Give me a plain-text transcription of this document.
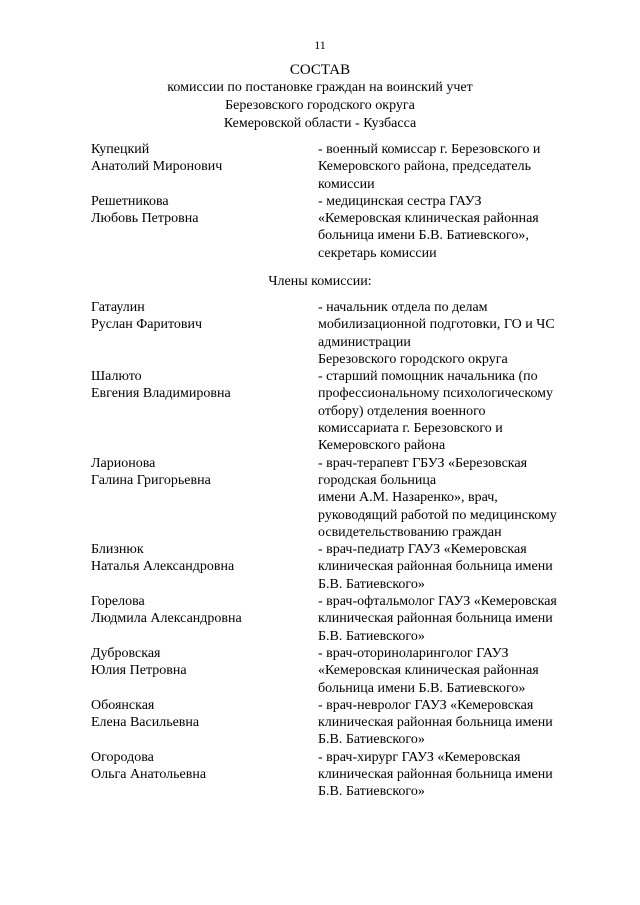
11
СОСТАВ
комиссии по постановке граждан на воинский учет
Березовского городского округа
Кемеровской области - Кузбасса
Купецкий
Анатолий Миронович
- военный комиссар г. Березовского и
Кемеровского района, председатель
комиссии
Решетникова
Любовь Петровна
- медицинская сестра ГАУЗ
«Кемеровская клиническая районная
больница имени Б.В. Батиевского»,
секретарь комиссии
Члены комиссии:
Гатаулин
Руслан Фаритович
- начальник отдела по делам
мобилизационной подготовки, ГО и ЧС
администрации
Березовского городского округа
Шалюто
Евгения Владимировна
- старший помощник начальника (по
профессиональному психологическому
отбору) отделения военного
комиссариата г. Березовского и
Кемеровского района
Ларионова
Галина Григорьевна
- врач-терапевт ГБУЗ «Березовская
городская больница
имени А.М. Назаренко», врач,
руководящий работой по медицинскому
освидетельствованию граждан
Близнюк
Наталья Александровна
- врач-педиатр ГАУЗ «Кемеровская
клиническая районная больница имени
Б.В. Батиевского»
Горелова
Людмила Александровна
- врач-офтальмолог ГАУЗ «Кемеровская
клиническая районная больница имени
Б.В. Батиевского»
Дубровская
Юлия Петровна
- врач-оториноларинголог ГАУЗ
«Кемеровская клиническая районная
больница имени Б.В. Батиевского»
Обоянская
Елена Васильевна
- врач-невролог ГАУЗ «Кемеровская
клиническая районная больница имени
Б.В. Батиевского»
Огородова
Ольга Анатольевна
- врач-хирург ГАУЗ «Кемеровская
клиническая районная больница имени
Б.В. Батиевского»
